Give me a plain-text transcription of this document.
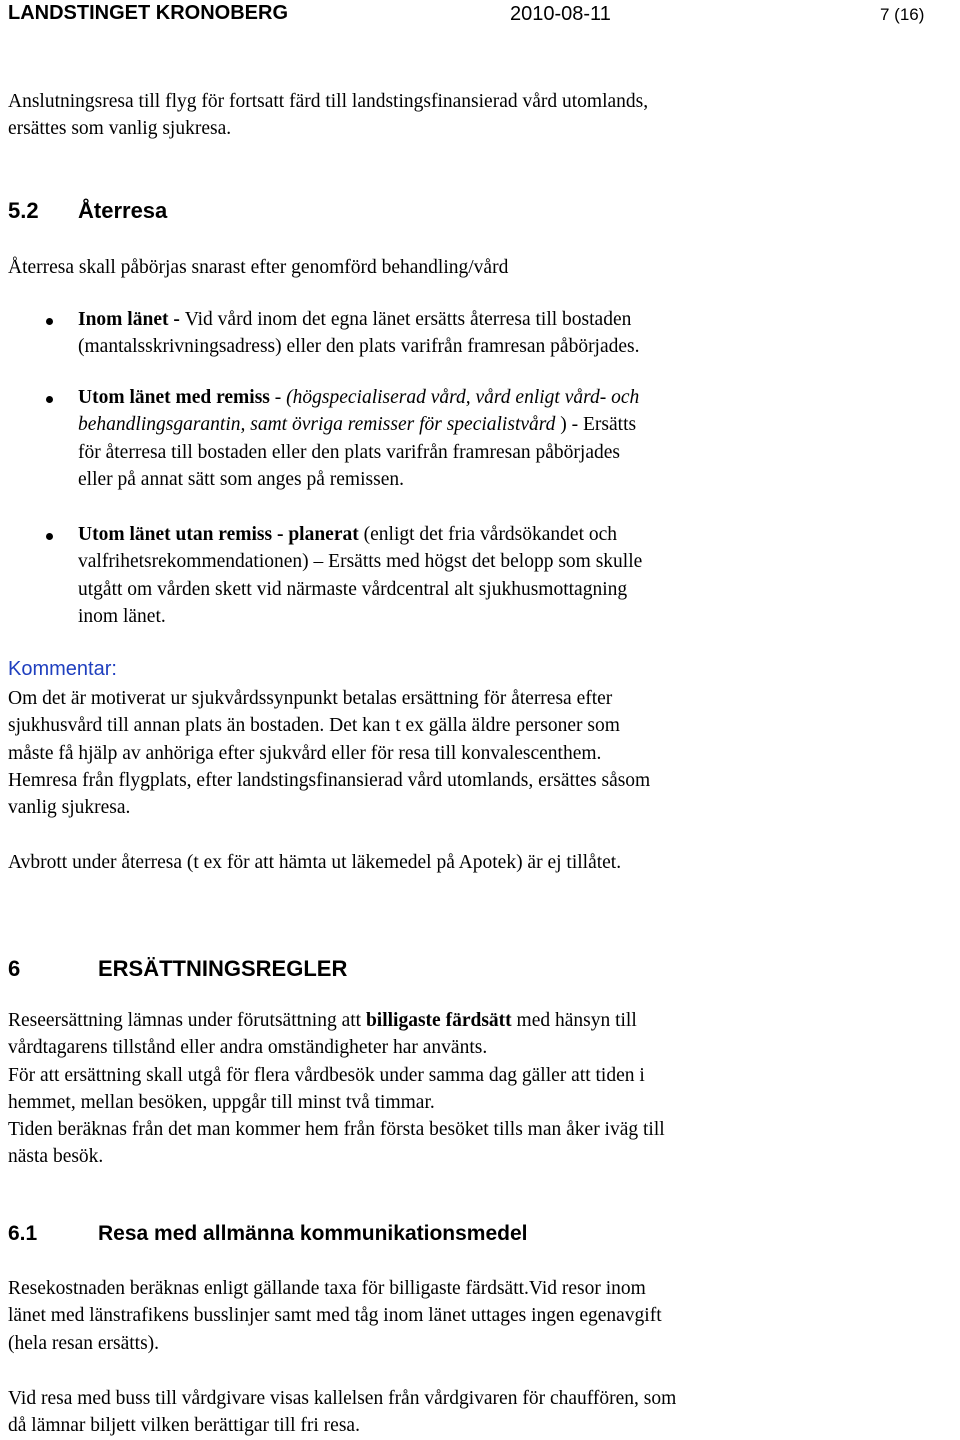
LANDSTINGET KRONOBERG	2010-08-11	7 (16)
Anslutningsresa till flyg för fortsatt färd till landstingsfinansierad vård utomlands,
ersättes som vanlig sjukresa.
5.2 Återresa
Återresa skall påbörjas snarast efter genomförd behandling/vård
Inom länet - Vid vård inom det egna länet ersätts återresa till bostaden
(mantalsskrivningsadress) eller den plats varifrån framresan påbörjades.
Utom länet med remiss - (högspecialiserad vård, vård enligt vård- och
behandlingsgarantin, samt övriga remisser för specialistvård ) - Ersätts
för återresa till bostaden eller den plats varifrån framresan påbörjades
eller på annat sätt som anges på remissen.
Utom länet utan remiss - planerat (enligt det fria vårdsökandet och
valfrihetsrekommendationen) – Ersätts med högst det belopp som skulle
utgått om vården skett vid närmaste vårdcentral alt sjukhusmottagning
inom länet.
Kommentar:
Om det är motiverat ur sjukvårdssynpunkt betalas ersättning för återresa efter
sjukhusvård till annan plats än bostaden. Det kan t ex gälla äldre personer som
måste få hjälp av anhöriga efter sjukvård eller för resa till konvalescenthem.
Hemresa från flygplats, efter landstingsfinansierad vård utomlands, ersättes såsom
vanlig sjukresa.
Avbrott under återresa (t ex för att hämta ut läkemedel på Apotek) är ej tillåtet.
6	ERSÄTTNINGSREGLER
Reseersättning lämnas under förutsättning att billigaste färdsätt med hänsyn till
vårdtagarens tillstånd eller andra omständigheter har använts.
För att ersättning skall utgå för flera vårdbesök under samma dag gäller att tiden i
hemmet, mellan besöken, uppgår till minst två timmar.
Tiden beräknas från det man kommer hem från första besöket tills man åker iväg till
nästa besök.
6.1	Resa med allmänna kommunikationsmedel
Resekostnaden beräknas enligt gällande taxa för billigaste färdsätt.Vid resor inom
länet med länstrafikens busslinjer samt med tåg inom länet uttages ingen egenavgift
(hela resan ersätts).
Vid resa med buss till vårdgivare visas kallelsen från vårdgivaren för chauffören, som
då lämnar biljett vilken berättigar till fri resa.
